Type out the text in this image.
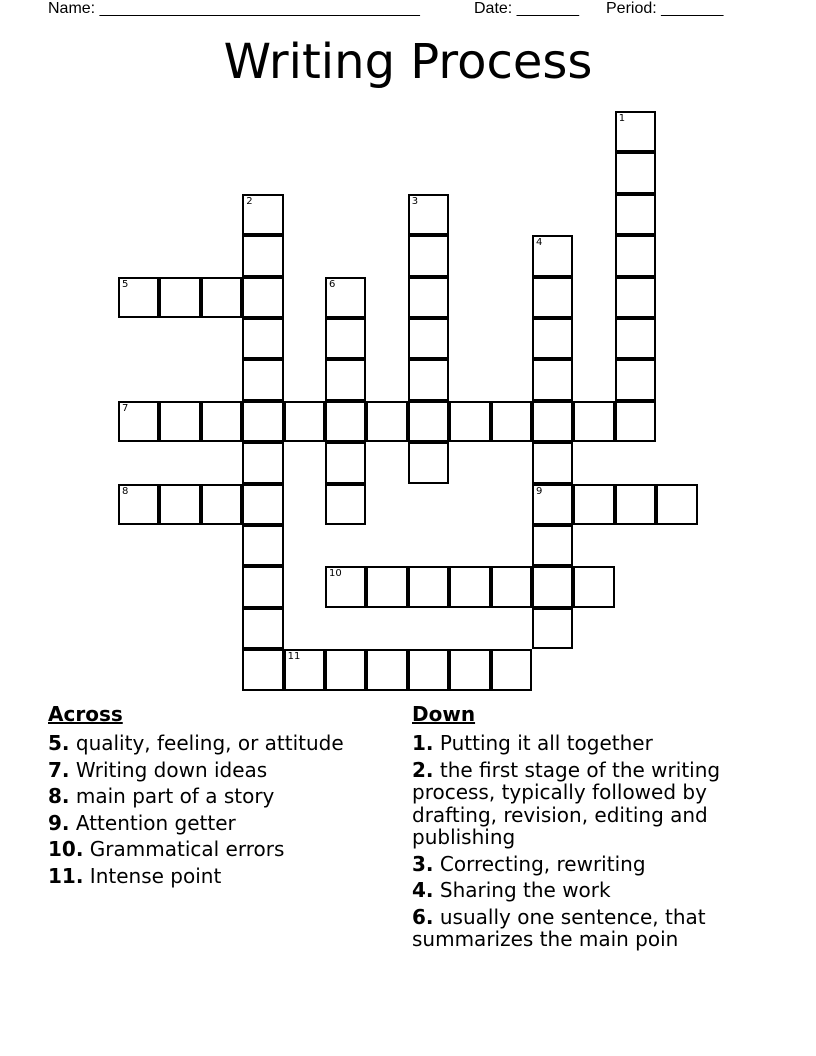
Name: ____________________________________	Date: _______ Period: _______
Writing Process
1
2	3
4
9
5	6
7
8
10
11
Across
5. quality, feeling, or attitude
7. Writing down ideas
8. main part of a story
9. Attention getter
10. Grammatical errors
11. Intense point
Down
1. Putting it all together
2. the first stage of the writing process, typically followed by drafting, revision, editing and publishing
3. Correcting, rewriting
4. Sharing the work
6. usually one sentence, that summarizes the main poin
